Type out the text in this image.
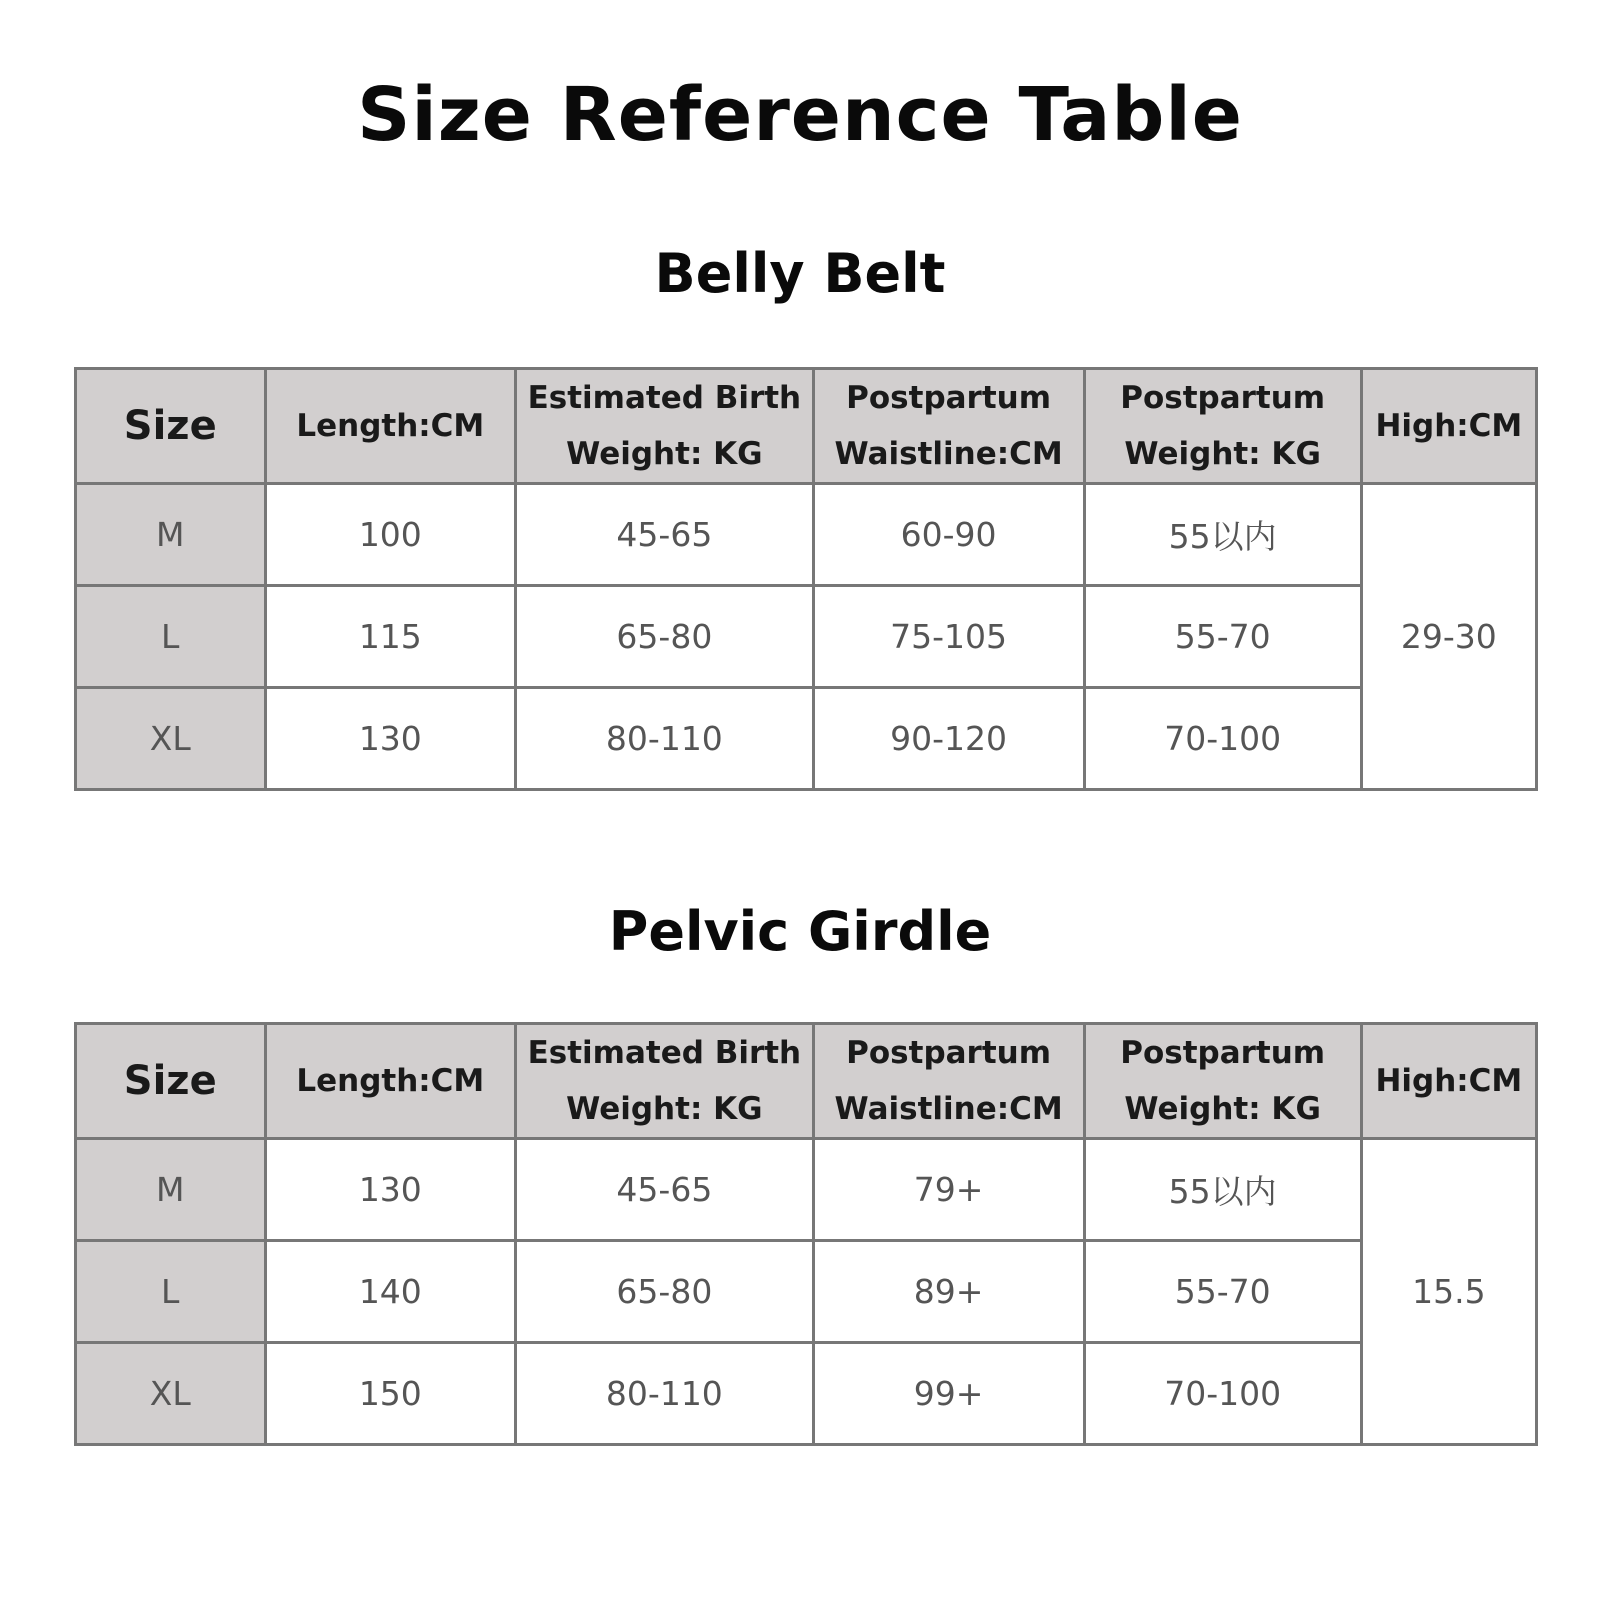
Size Reference Table
Belly Belt
Size	Length:CM	Estimated Birth Weight: KG	Postpartum Waistline:CM	Postpartum Weight: KG	High:CM
M	100	45-65	60-90	55以内	29-30
L	115	65-80	75-105	55-70	
XL	130	80-110	90-120	70-100	
Pelvic Girdle
Size	Length:CM	Estimated Birth Weight: KG	Postpartum Waistline:CM	Postpartum Weight: KG	High:CM
M	130	45-65	79+	55以内	15.5
L	140	65-80	89+	55-70	
XL	150	80-110	99+	70-100	
